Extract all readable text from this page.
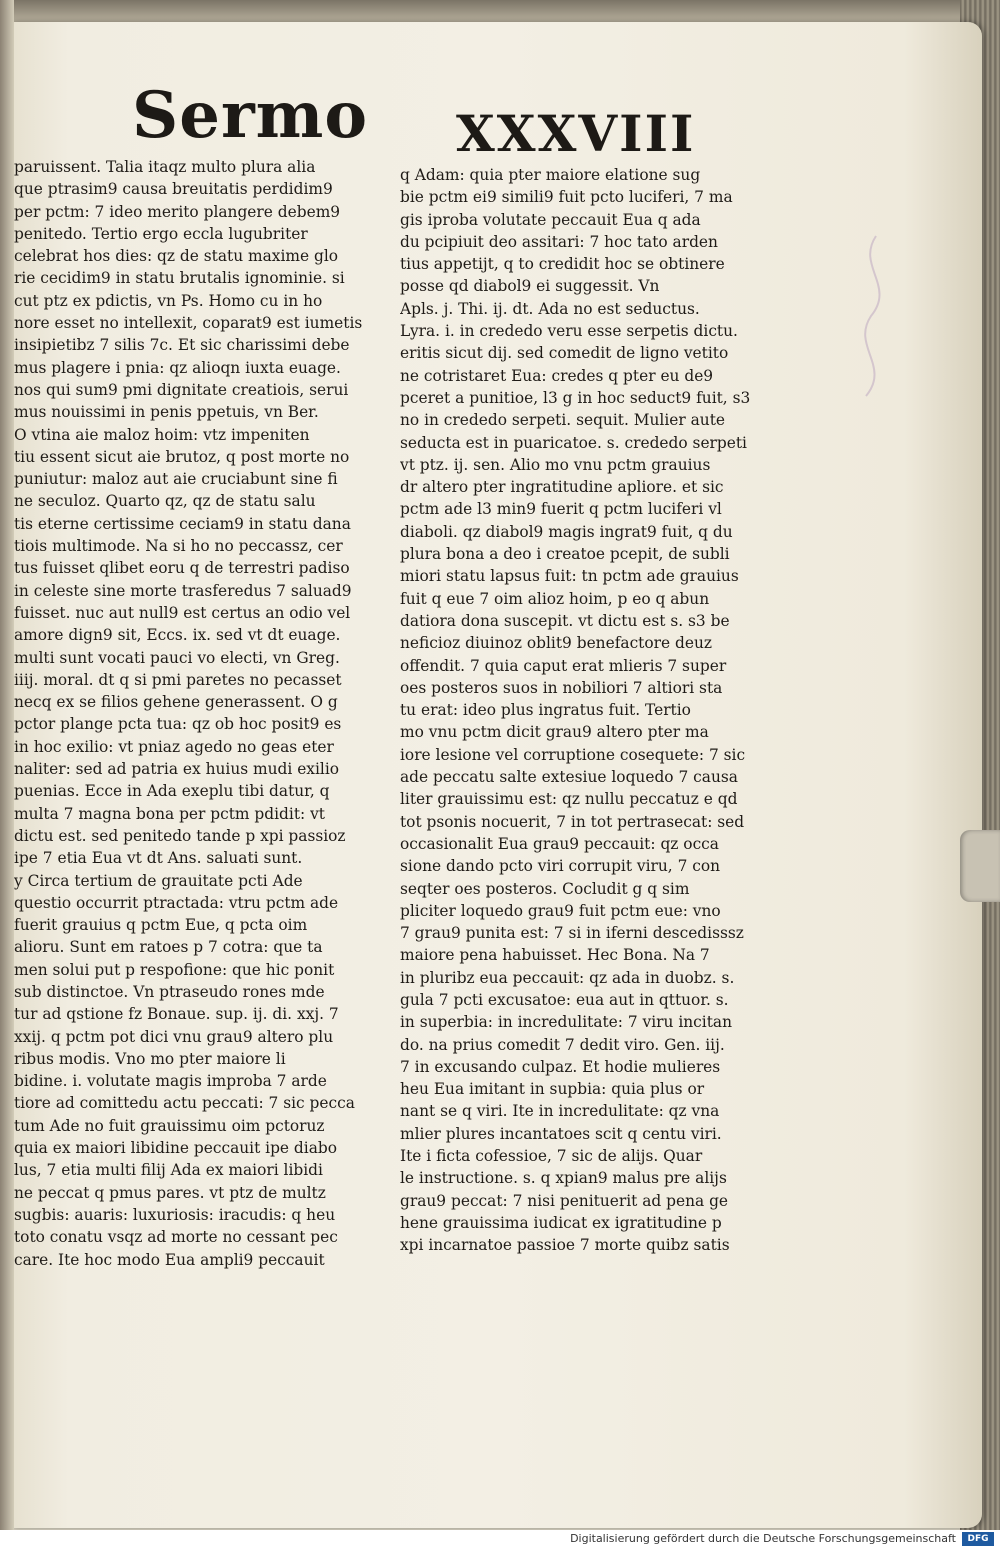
Sermo XXXVIII
paruissent. Talia itaqz multo plura alia
que ptrasim9 causa breuitatis perdidim9
per pctm: 7 ideo merito plangere debem9
penitedo. Tertio ergo eccla lugubriter
celebrat hos dies: qz de statu maxime glo
rie cecidim9 in statu brutalis ignominie. si
cut ptz ex pdictis, vn Ps. Homo cu in ho
nore esset no intellexit, coparat9 est iumetis
insipietibz 7 silis 7c. Et sic charissimi debe
mus plagere i pnia: qz alioqn iuxta euage.
nos qui sum9 pmi dignitate creatiois, serui
mus nouissimi in penis ppetuis, vn Ber.
O vtina aie maloz hoim: vtz impeniten
tiu essent sicut aie brutoz, q post morte no
puniutur: maloz aut aie cruciabunt sine fi
ne seculoz. Quarto qz, qz de statu salu
tis eterne certissime ceciam9 in statu dana
tiois multimode. Na si ho no peccassz, cer
tus fuisset qlibet eoru q de terrestri padiso
in celeste sine morte trasferedus 7 saluad9
fuisset. nuc aut null9 est certus an odio vel
amore dign9 sit, Eccs. ix. sed vt dt euage.
multi sunt vocati pauci vo electi, vn Greg.
iiij. moral. dt q si pmi paretes no pecasset
necq ex se filios gehene generassent. O g
pctor plange pcta tua: qz ob hoc posit9 es
in hoc exilio: vt pniaz agedo no geas eter
naliter: sed ad patria ex huius mudi exilio
puenias. Ecce in Ada exeplu tibi datur, q
multa 7 magna bona per pctm pdidit: vt
dictu est. sed penitedo tande p xpi passioz
ipe 7 etia Eua vt dt Ans. saluati sunt.
y Circa tertium de grauitate pcti Ade
questio occurrit ptractada: vtru pctm ade
fuerit grauius q pctm Eue, q pcta oim
alioru. Sunt em ratoes p 7 cotra: que ta
men solui put p respofione: que hic ponit
sub distinctoe. Vn ptraseudo rones mde
tur ad qstione fz Bonaue. sup. ij. di. xxj. 7
xxij. q pctm pot dici vnu grau9 altero plu
ribus modis. Vno mo pter maiore li
bidine. i. volutate magis improba 7 arde
tiore ad comittedu actu peccati: 7 sic pecca
tum Ade no fuit grauissimu oim pctoruz
quia ex maiori libidine peccauit ipe diabo
lus, 7 etia multi filij Ada ex maiori libidi
ne peccat q pmus pares. vt ptz de multz
sugbis: auaris: luxuriosis: iracudis: q heu
toto conatu vsqz ad morte no cessant pec
care. Ite hoc modo Eua ampli9 peccauit
q Adam: quia pter maiore elatione sug
bie pctm ei9 simili9 fuit pcto luciferi, 7 ma
gis iproba volutate peccauit Eua q ada
du pcipiuit deo assitari: 7 hoc tato arden
tius appetijt, q to credidit hoc se obtinere
posse qd diabol9 ei suggessit. Vn
Apls. j. Thi. ij. dt. Ada no est seductus.
Lyra. i. in crededo veru esse serpetis dictu.
eritis sicut dij. sed comedit de ligno vetito
ne cotristaret Eua: credes q pter eu de9
pceret a punitioe, l3 g in hoc seduct9 fuit, s3
no in crededo serpeti. sequit. Mulier aute
seducta est in puaricatoe. s. crededo serpeti
vt ptz. ij. sen. Alio mo vnu pctm grauius
dr altero pter ingratitudine apliore. et sic
pctm ade l3 min9 fuerit q pctm luciferi vl
diaboli. qz diabol9 magis ingrat9 fuit, q du
plura bona a deo i creatoe pcepit, de subli
miori statu lapsus fuit: tn pctm ade grauius
fuit q eue 7 oim alioz hoim, p eo q abun
datiora dona suscepit. vt dictu est s. s3 be
neficioz diuinoz oblit9 benefactore deuz
offendit. 7 quia caput erat mlieris 7 super
oes posteros suos in nobiliori 7 altiori sta
tu erat: ideo plus ingratus fuit. Tertio
mo vnu pctm dicit grau9 altero pter ma
iore lesione vel corruptione cosequete: 7 sic
ade peccatu salte extesiue loquedo 7 causa
liter grauissimu est: qz nullu peccatuz e qd
tot psonis nocuerit, 7 in tot pertrasecat: sed
occasionalit Eua grau9 peccauit: qz occa
sione dando pcto viri corrupit viru, 7 con
seqter oes posteros. Cocludit g q sim
pliciter loquedo grau9 fuit pctm eue: vno
7 grau9 punita est: 7 si in iferni descedisssz
maiore pena habuisset. Hec Bona. Na 7
in pluribz eua peccauit: qz ada in duobz. s.
gula 7 pcti excusatoe: eua aut in qttuor. s.
in superbia: in incredulitate: 7 viru incitan
do. na prius comedit 7 dedit viro. Gen. iij.
7 in excusando culpaz. Et hodie mulieres
heu Eua imitant in supbia: quia plus or
nant se q viri. Ite in incredulitate: qz vna
mlier plures incantatoes scit q centu viri.
Ite i ficta cofessioe, 7 sic de alijs. Quar
le instructione. s. q xpian9 malus pre alijs
grau9 peccat: 7 nisi penituerit ad pena ge
hene grauissima iudicat ex igratitudine p
xpi incarnatoe passioe 7 morte quibz satis
Digitalisierung gefördert durch die Deutsche Forschungsgemeinschaft	DFG
